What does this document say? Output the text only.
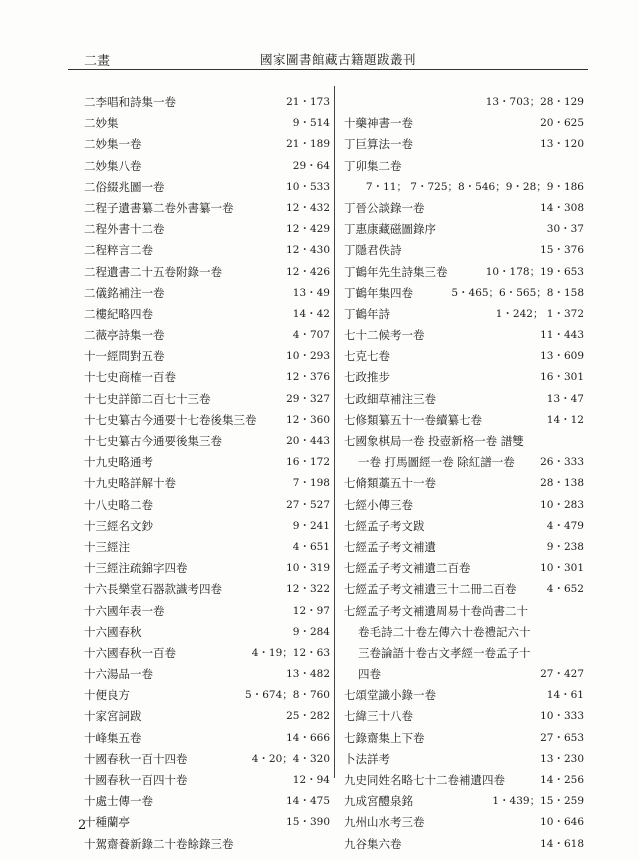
二畫	國家圖書館藏古籍題跋叢刊
二李唱和詩集一卷	21・173
二妙集	9・514
二妙集一卷	21・189
二妙集八卷	29・64
二俗綴兆圖一卷	10・533
二程子遺書纂二卷外書纂一卷	12・432
二程外書十二卷	12・429
二程粹言二卷	12・430
二程遺書二十五卷附錄一卷	12・426
二儀銘補注一卷	13・49
二樓紀略四卷	14・42
二薇亭詩集一卷	4・707
十一經問對五卷	10・293
十七史商榷一百卷	12・376
十七史詳節二百七十三卷	29・327
十七史纂古今通要十七卷後集三卷	12・360
十七史纂古今通要後集三卷	20・443
十九史略通考	16・172
十九史略詳解十卷	7・198
十八史略二卷	27・527
十三經名文鈔	9・241
十三經注	4・651
十三經注疏錦字四卷	10・319
十六長樂堂石器款識考四卷	12・322
十六國年表一卷	12・97
十六國春秋	9・284
十六國春秋一百卷	4・19；12・63
十六湯品一卷	13・482
十便良方	5・674；8・760
十家宮詞跋	25・282
十峰集五卷	14・666
十國春秋一百十四卷	4・20；4・320
十國春秋一百四十卷	12・94
十處士傳一卷	14・475
十種蘭亭	15・390
十駕齋養新錄二十卷餘錄三卷
13・703；28・129
十藥神書一卷	20・625
丁巨算法一卷	13・120
丁卯集二卷
7・11； 7・725；8・546；9・28；9・186
丁晉公談錄一卷	14・308
丁惠康藏磁圖錄序	30・37
丁隱君佚詩	15・376
丁鶴年先生詩集三卷	10・178；19・653
丁鶴年集四卷	5・465；6・565；8・158
丁鶴年詩	1・242； 1・372
七十二候考一卷	11・443
七克七卷	13・609
七政推步	16・301
七政細草補注三卷	13・47
七修類纂五十一卷續纂七卷	14・12
七國象棋局一卷 投壺新格一卷 譜雙
一卷 打馬圖經一卷 除紅譜一卷 26・333
七脩類藁五十一卷	28・138
七經小傳三卷	10・283
七經孟子考文跋	4・479
七經孟子考文補遺	9・238
七經孟子考文補遺二百卷	10・301
七經孟子考文補遺三十二冊二百卷	4・652
七經孟子考文補遺周易十卷尚書二十
卷毛詩二十卷左傳六十卷禮記六十
三卷論語十卷古文孝經一卷孟子十
四卷	27・427
七頌堂識小錄一卷	14・61
七緯三十八卷	10・333
七錄齋集上下卷	27・653
卜法詳考	13・230
九史同姓名略七十二卷補遺四卷	14・256
九成宮醴泉銘	1・439；15・259
九州山水考三卷	10・646
九谷集六卷	14・618
2
